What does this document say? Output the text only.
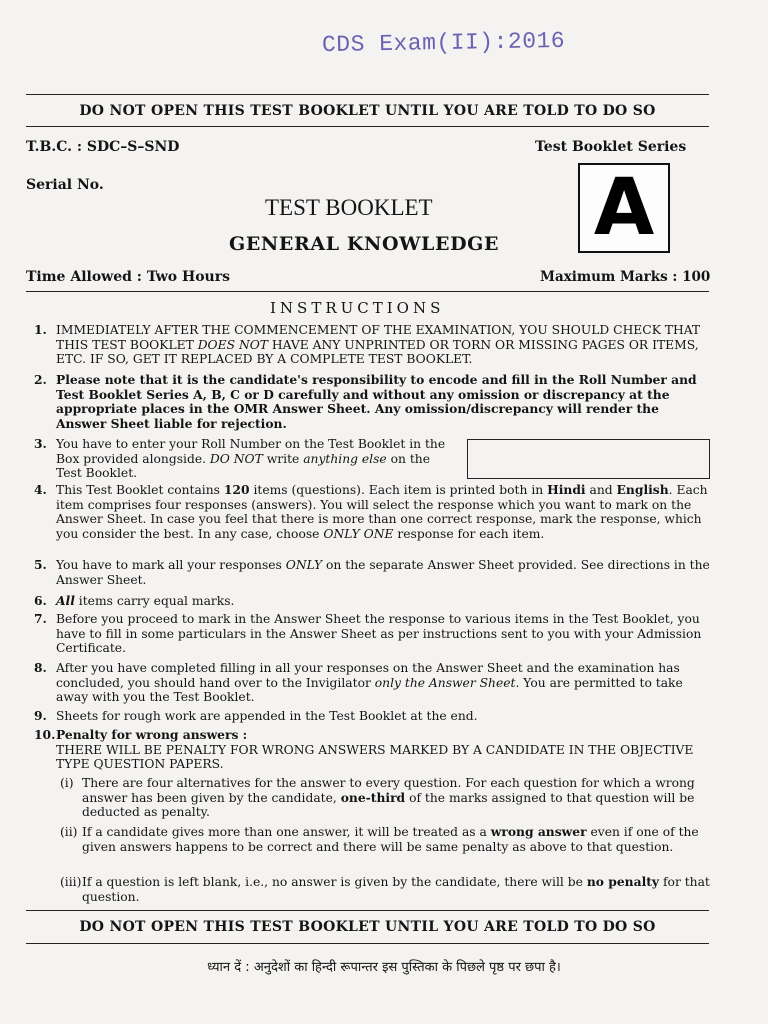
CDS Exam(II):2016
DO NOT OPEN THIS TEST BOOKLET UNTIL YOU ARE TOLD TO DO SO
T.B.C. : SDC–S–SND	Test Booklet Series
Serial No.	A
TEST BOOKLET
GENERAL KNOWLEDGE
Time Allowed : Two Hours	Maximum Marks : 100
INSTRUCTIONS
1. IMMEDIATELY AFTER THE COMMENCEMENT OF THE EXAMINATION, YOU SHOULD CHECK THAT THIS TEST BOOKLET DOES NOT HAVE ANY UNPRINTED OR TORN OR MISSING PAGES OR ITEMS, ETC. IF SO, GET IT REPLACED BY A COMPLETE TEST BOOKLET.
2. Please note that it is the candidate's responsibility to encode and fill in the Roll Number and Test Booklet Series A, B, C or D carefully and without any omission or discrepancy at the appropriate places in the OMR Answer Sheet. Any omission/discrepancy will render the Answer Sheet liable for rejection.
3. You have to enter your Roll Number on the Test Booklet in the Box provided alongside. DO NOT write anything else on the Test Booklet.
4. This Test Booklet contains 120 items (questions). Each item is printed both in Hindi and English. Each item comprises four responses (answers). You will select the response which you want to mark on the Answer Sheet. In case you feel that there is more than one correct response, mark the response, which you consider the best. In any case, choose ONLY ONE response for each item.
5. You have to mark all your responses ONLY on the separate Answer Sheet provided. See directions in the Answer Sheet.
6. All items carry equal marks.
7. Before you proceed to mark in the Answer Sheet the response to various items in the Test Booklet, you have to fill in some particulars in the Answer Sheet as per instructions sent to you with your Admission Certificate.
8. After you have completed filling in all your responses on the Answer Sheet and the examination has concluded, you should hand over to the Invigilator only the Answer Sheet. You are permitted to take away with you the Test Booklet.
9. Sheets for rough work are appended in the Test Booklet at the end.
10. Penalty for wrong answers :
THERE WILL BE PENALTY FOR WRONG ANSWERS MARKED BY A CANDIDATE IN THE OBJECTIVE TYPE QUESTION PAPERS.
(i) There are four alternatives for the answer to every question. For each question for which a wrong answer has been given by the candidate, one-third of the marks assigned to that question will be deducted as penalty.
(ii) If a candidate gives more than one answer, it will be treated as a wrong answer even if one of the given answers happens to be correct and there will be same penalty as above to that question.
(iii) If a question is left blank, i.e., no answer is given by the candidate, there will be no penalty for that question.
DO NOT OPEN THIS TEST BOOKLET UNTIL YOU ARE TOLD TO DO SO
ध्यान दें : अनुदेशों का हिन्दी रूपान्तर इस पुस्तिका के पिछले पृष्ठ पर छपा है।
